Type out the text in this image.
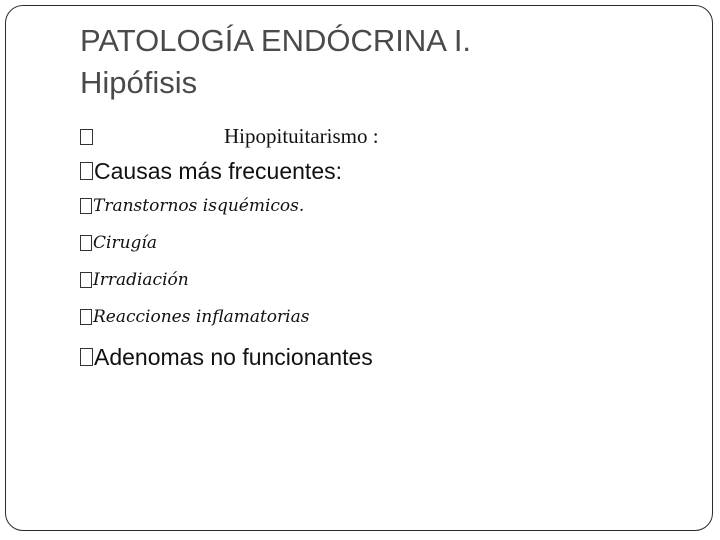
PATOLOGÍA ENDÓCRINA I.
Hipófisis
Hipopituitarismo :
Causas más frecuentes:
Transtornos isquémicos.
Cirugía
Irradiación
Reacciones inflamatorias
Adenomas no funcionantes
